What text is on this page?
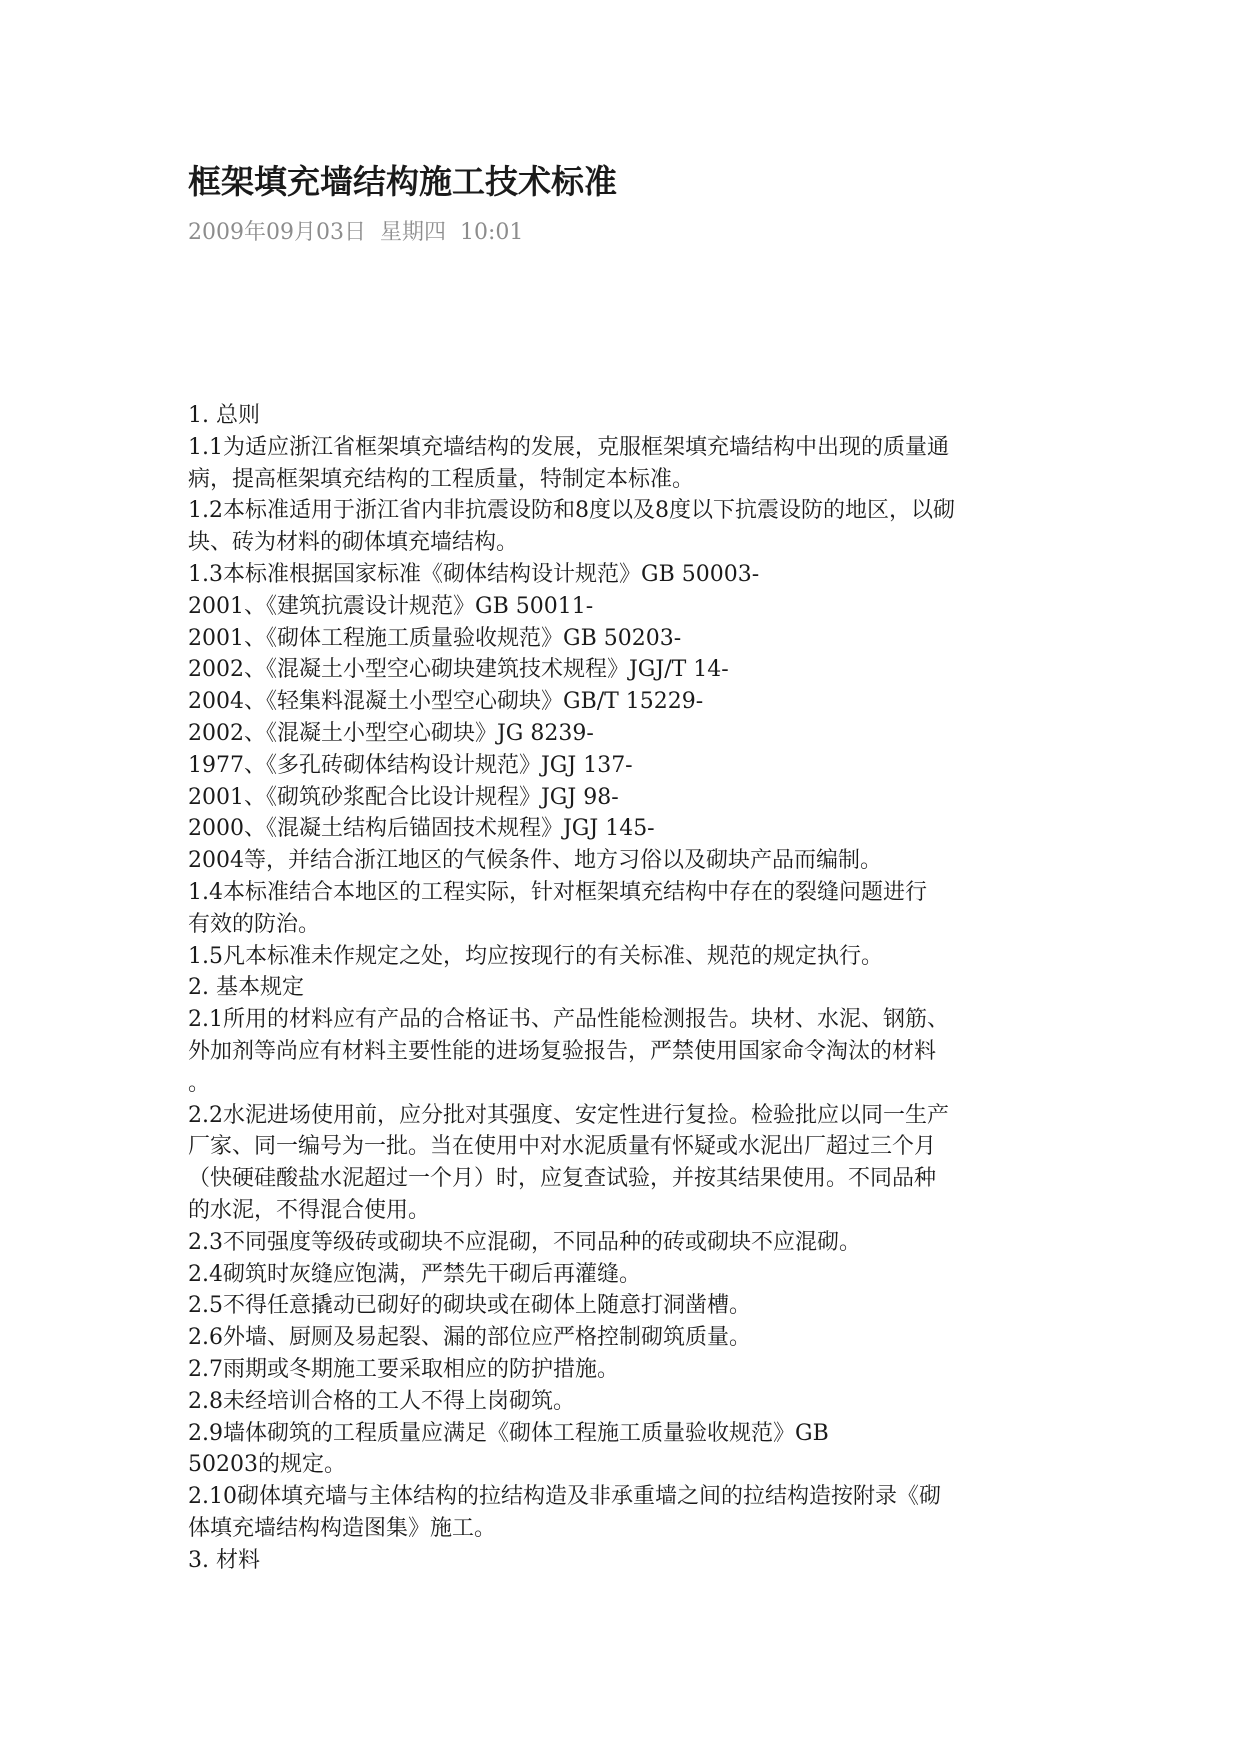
框架填充墙结构施工技术标准
2009年09月03日  星期四  10:01
1. 总则
1.1为适应浙江省框架填充墙结构的发展，克服框架填充墙结构中出现的质量通
病，提高框架填充结构的工程质量，特制定本标准。
1.2本标准适用于浙江省内非抗震设防和8度以及8度以下抗震设防的地区，以砌
块、砖为材料的砌体填充墙结构。
1.3本标准根据国家标准《砌体结构设计规范》GB 50003-
2001、《建筑抗震设计规范》GB 50011-
2001、《砌体工程施工质量验收规范》GB 50203-
2002、《混凝土小型空心砌块建筑技术规程》JGJ/T 14-
2004、《轻集料混凝土小型空心砌块》GB/T 15229-
2002、《混凝土小型空心砌块》JG 8239-
1977、《多孔砖砌体结构设计规范》JGJ 137-
2001、《砌筑砂浆配合比设计规程》JGJ 98-
2000、《混凝土结构后锚固技术规程》JGJ 145-
2004等，并结合浙江地区的气候条件、地方习俗以及砌块产品而编制。
1.4本标准结合本地区的工程实际，针对框架填充结构中存在的裂缝问题进行
有效的防治。
1.5凡本标准未作规定之处，均应按现行的有关标准、规范的规定执行。
2. 基本规定
2.1所用的材料应有产品的合格证书、产品性能检测报告。块材、水泥、钢筋、
外加剂等尚应有材料主要性能的进场复验报告，严禁使用国家命令淘汰的材料
。
2.2水泥进场使用前，应分批对其强度、安定性进行复捡。检验批应以同一生产
厂家、同一编号为一批。当在使用中对水泥质量有怀疑或水泥出厂超过三个月
（快硬硅酸盐水泥超过一个月）时，应复查试验，并按其结果使用。不同品种
的水泥，不得混合使用。
2.3不同强度等级砖或砌块不应混砌，不同品种的砖或砌块不应混砌。
2.4砌筑时灰缝应饱满，严禁先干砌后再灌缝。
2.5不得任意撬动已砌好的砌块或在砌体上随意打洞凿槽。
2.6外墙、厨厕及易起裂、漏的部位应严格控制砌筑质量。
2.7雨期或冬期施工要采取相应的防护措施。
2.8未经培训合格的工人不得上岗砌筑。
2.9墙体砌筑的工程质量应满足《砌体工程施工质量验收规范》GB
50203的规定。
2.10砌体填充墙与主体结构的拉结构造及非承重墙之间的拉结构造按附录《砌
体填充墙结构构造图集》施工。
3. 材料
